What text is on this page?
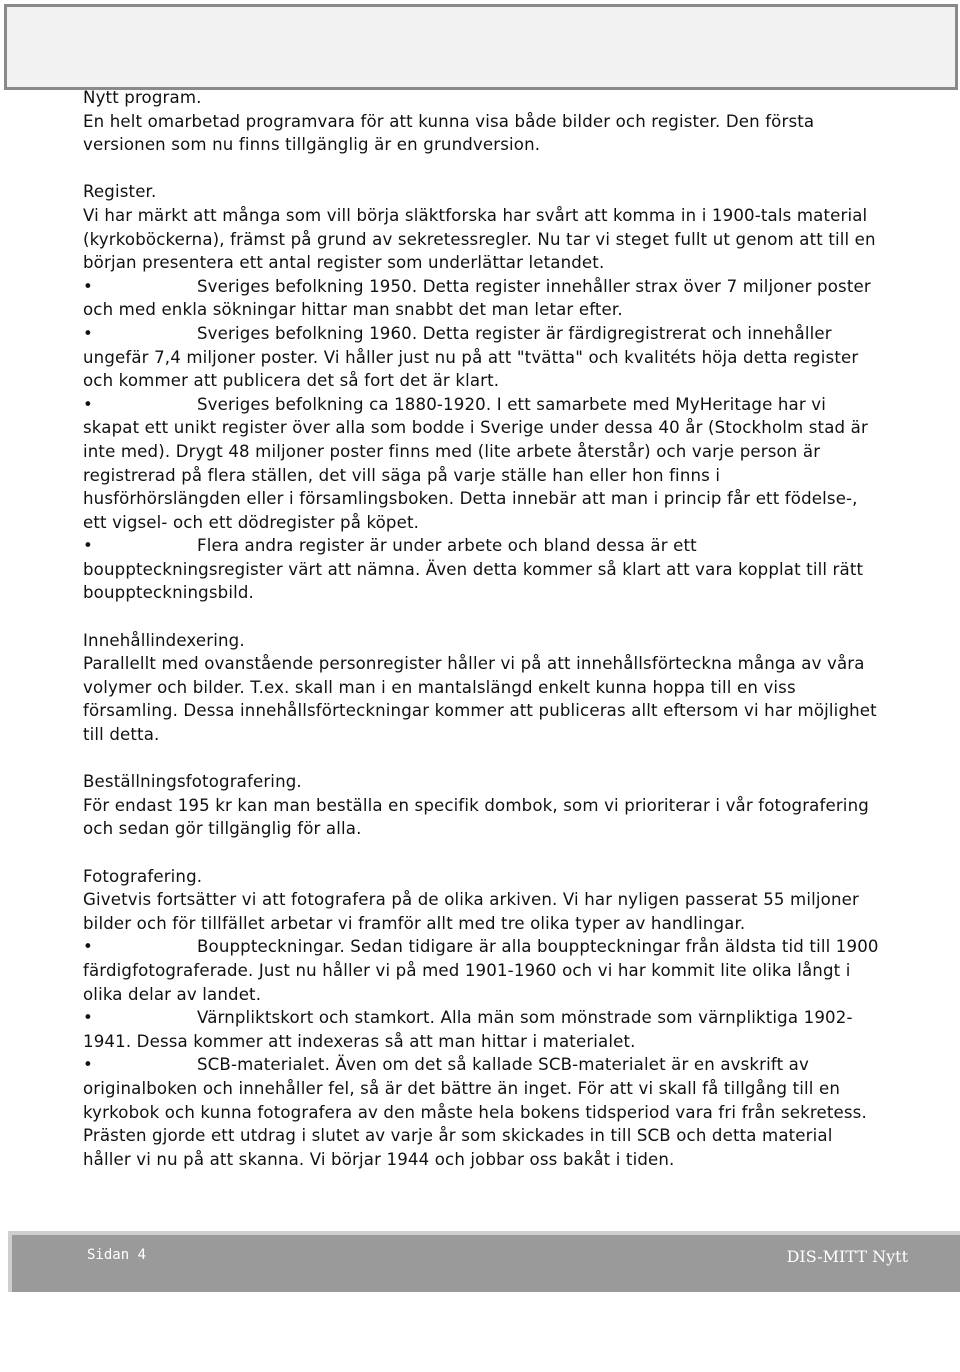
Nytt program.

En helt omarbetad programvara för att kunna visa både bilder och register. Den första versionen som nu finns tillgänglig är en grundversion.

Register.

Vi har märkt att många som vill börja släktforska har svårt att komma in i 1900-tals material (kyrkoböckerna), främst på grund av sekretessregler. Nu tar vi steget fullt ut genom att till en början presentera ett antal register som underlättar letandet.

•	Sveriges befolkning 1950. Detta register innehåller strax över 7 miljoner poster och med enkla sökningar hittar man snabbt det man letar efter.

•	Sveriges befolkning 1960. Detta register är färdigregistrerat och innehåller ungefär 7,4 miljoner poster. Vi håller just nu på att "tvätta" och kvalitéts höja detta register och kommer att publicera det så fort det är klart.

•	Sveriges befolkning ca 1880-1920. I ett samarbete med MyHeritage har vi skapat ett unikt register över alla som bodde i Sverige under dessa 40 år (Stockholm stad är inte med). Drygt 48 miljoner poster finns med (lite arbete återstår) och varje person är registrerad på flera ställen, det vill säga på varje ställe han eller hon finns i husförhörslängden eller i församlingsboken. Detta innebär att man i princip får ett födelse-, ett vigsel- och ett dödregister på köpet.

•	Flera andra register är under arbete och bland dessa är ett bouppteckningsregister värt att nämna. Även detta kommer så klart att vara kopplat till rätt bouppteckningsbild.

Innehållindexering.

Parallellt med ovanstående personregister håller vi på att innehållsförteckna många av våra volymer och bilder. T.ex. skall man i en mantalslängd enkelt kunna hoppa till en viss församling. Dessa innehållsförteckningar kommer att publiceras allt eftersom vi har möjlighet till detta.

Beställningsfotografering.

För endast 195 kr kan man beställa en specifik dombok, som vi prioriterar i vår fotografering och sedan gör tillgänglig för alla.

Fotografering.

Givetvis fortsätter vi att fotografera på de olika arkiven. Vi har nyligen passerat 55 miljoner bilder och för tillfället arbetar vi framför allt med tre olika typer av handlingar.

•	Bouppteckningar. Sedan tidigare är alla bouppteckningar från äldsta tid till 1900 färdigfotograferade. Just nu håller vi på med 1901-1960 och vi har kommit lite olika långt i olika delar av landet.

•	Värnpliktskort och stamkort. Alla män som mönstrade som värnpliktiga 1902-1941. Dessa kommer att indexeras så att man hittar i materialet.

•	SCB-materialet. Även om det så kallade SCB-materialet är en avskrift av originalboken och innehåller fel, så är det bättre än inget. För att vi skall få tillgång till en kyrkobok och kunna fotografera av den måste hela bokens tidsperiod vara fri från sekretess. Prästen gjorde ett utdrag i slutet av varje år som skickades in till SCB och detta material håller vi nu på att skanna. Vi börjar 1944 och jobbar oss bakåt i tiden.

Sidan 4	DIS-MITT Nytt
